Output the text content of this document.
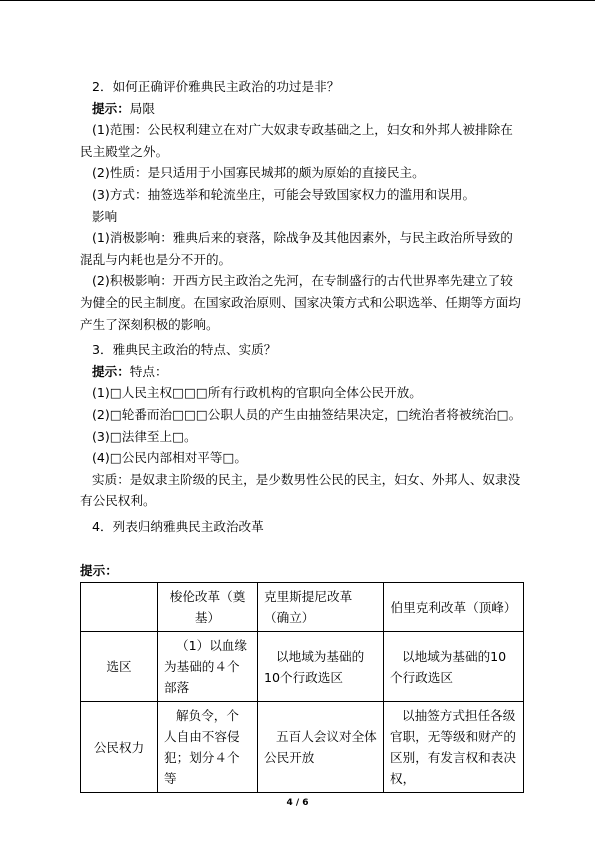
2．如何正确评价雅典民主政治的功过是非？

提示：局限

(1)范围：公民权利建立在对广大奴隶专政基础之上，妇女和外邦人被排除在民主殿堂之外。

(2)性质：是只适用于小国寡民城邦的颇为原始的直接民主。

(3)方式：抽签选举和轮流坐庄，可能会导致国家权力的滥用和误用。

影响

(1)消极影响：雅典后来的衰落，除战争及其他因素外，与民主政治所导致的混乱与内耗也是分不开的。

(2)积极影响：开西方民主政治之先河，在专制盛行的古代世界率先建立了较为健全的民主制度。在国家政治原则、国家决策方式和公职选举、任期等方面均产生了深刻积极的影响。

3．雅典民主政治的特点、实质？

提示：特点：

(1)□人民主权□□□所有行政机构的官职向全体公民开放。

(2)□轮番而治□□□公职人员的产生由抽签结果决定，□统治者将被统治□。

(3)□法律至上□。

(4)□公民内部相对平等□。

实质：是奴隶主阶级的民主，是少数男性公民的民主，妇女、外邦人、奴隶没有公民权利。

4．列表归纳雅典民主政治改革

提示：

	梭伦改革（奠基）	克里斯提尼改革（确立）	伯里克利改革（顶峰）
选区	（1）以血缘为基础的４个部落	以地域为基础的10个行政选区	以地域为基础的10个行政选区
公民权力	解负令，个人自由不容侵犯；划分４个等	五百人会议对全体公民开放	以抽签方式担任各级官职，无等级和财产的区别，有发言权和表决权，
4 / 6
